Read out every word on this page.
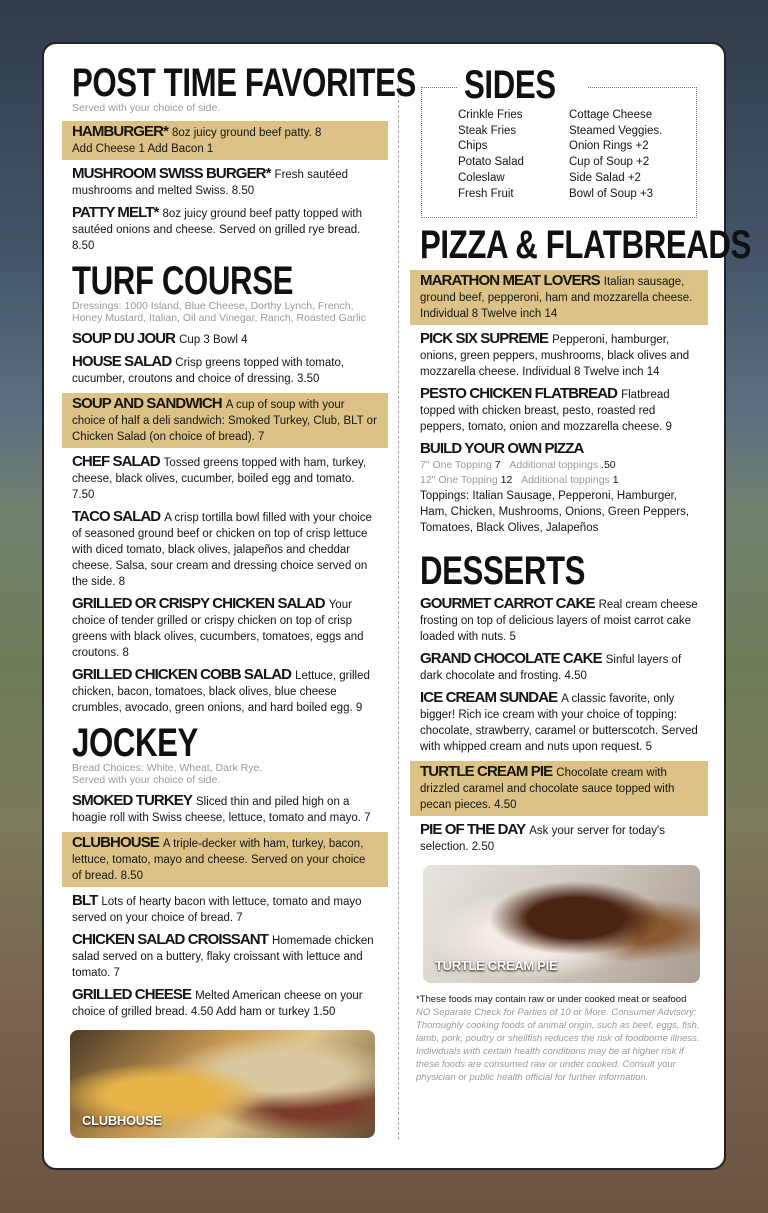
POST TIME FAVORITES
Served with your choice of side.
HAMBURGER* 8oz juicy ground beef patty. 8
Add Cheese 1 Add Bacon 1
MUSHROOM SWISS BURGER* Fresh sautéed mushrooms and melted Swiss. 8.50
PATTY MELT* 8oz juicy ground beef patty topped with sautéed onions and cheese. Served on grilled rye bread. 8.50
TURF COURSE
Dressings: 1000 Island, Blue Cheese, Dorthy Lynch, French, Honey Mustard, Italian, Oil and Vinegar, Ranch, Roasted Garlic
SOUP DU JOUR Cup 3 Bowl 4
HOUSE SALAD Crisp greens topped with tomato, cucumber, croutons and choice of dressing. 3.50
SOUP AND SANDWICH A cup of soup with your choice of half a deli sandwich: Smoked Turkey, Club, BLT or Chicken Salad (on choice of bread). 7
CHEF SALAD Tossed greens topped with ham, turkey, cheese, black olives, cucumber, boiled egg and tomato. 7.50
TACO SALAD A crisp tortilla bowl filled with your choice of seasoned ground beef or chicken on top of crisp lettuce with diced tomato, black olives, jalapeños and cheddar cheese. Salsa, sour cream and dressing choice served on the side. 8
GRILLED OR CRISPY CHICKEN SALAD Your choice of tender grilled or crispy chicken on top of crisp greens with black olives, cucumbers, tomatoes, eggs and croutons. 8
GRILLED CHICKEN COBB SALAD Lettuce, grilled chicken, bacon, tomatoes, black olives, blue cheese crumbles, avocado, green onions, and hard boiled egg. 9
JOCKEY
Bread Choices: White, Wheat, Dark Rye.
Served with your choice of side.
SMOKED TURKEY Sliced thin and piled high on a hoagie roll with Swiss cheese, lettuce, tomato and mayo. 7
CLUBHOUSE A triple-decker with ham, turkey, bacon, lettuce, tomato, mayo and cheese. Served on your choice of bread. 8.50
BLT Lots of hearty bacon with lettuce, tomato and mayo served on your choice of bread. 7
CHICKEN SALAD CROISSANT Homemade chicken salad served on a buttery, flaky croissant with lettuce and tomato. 7
GRILLED CHEESE Melted American cheese on your choice of grilled bread. 4.50 Add ham or turkey 1.50
CLUBHOUSE
SIDES
Crinkle Fries
Steak Fries
Chips
Potato Salad
Coleslaw
Fresh Fruit
Cottage Cheese
Steamed Veggies.
Onion Rings +2
Cup of Soup +2
Side Salad +2
Bowl of Soup +3
PIZZA & FLATBREADS
MARATHON MEAT LOVERS Italian sausage, ground beef, pepperoni, ham and mozzarella cheese.
Individual 8 Twelve inch 14
PICK SIX SUPREME Pepperoni, hamburger, onions, green peppers, mushrooms, black olives and mozzarella cheese. Individual 8 Twelve inch 14
PESTO CHICKEN FLATBREAD Flatbread topped with chicken breast, pesto, roasted red peppers, tomato, onion and mozzarella cheese. 9
BUILD YOUR OWN PIZZA
7" One Topping 7 Additional toppings .50
12" One Topping 12 Additional toppings 1
Toppings: Italian Sausage, Pepperoni, Hamburger, Ham, Chicken, Mushrooms, Onions, Green Peppers, Tomatoes, Black Olives, Jalapeños
DESSERTS
GOURMET CARROT CAKE Real cream cheese frosting on top of delicious layers of moist carrot cake loaded with nuts. 5
GRAND CHOCOLATE CAKE Sinful layers of dark chocolate and frosting. 4.50
ICE CREAM SUNDAE A classic favorite, only bigger! Rich ice cream with your choice of topping: chocolate, strawberry, caramel or butterscotch. Served with whipped cream and nuts upon request. 5
TURTLE CREAM PIE Chocolate cream with drizzled caramel and chocolate sauce topped with pecan pieces. 4.50
PIE OF THE DAY Ask your server for today's selection. 2.50
TURTLE CREAM PIE
*These foods may contain raw or under cooked meat or seafood
NO Separate Check for Parties of 10 or More. Consumer Advisory: Thoroughly cooking foods of animal origin, such as beef, eggs, fish, lamb, pork, poultry or shellfish reduces the risk of foodborne illness. Individuals with certain health conditions may be at higher risk if these foods are consumed raw or under cooked. Consult your physician or public health official for further information.
